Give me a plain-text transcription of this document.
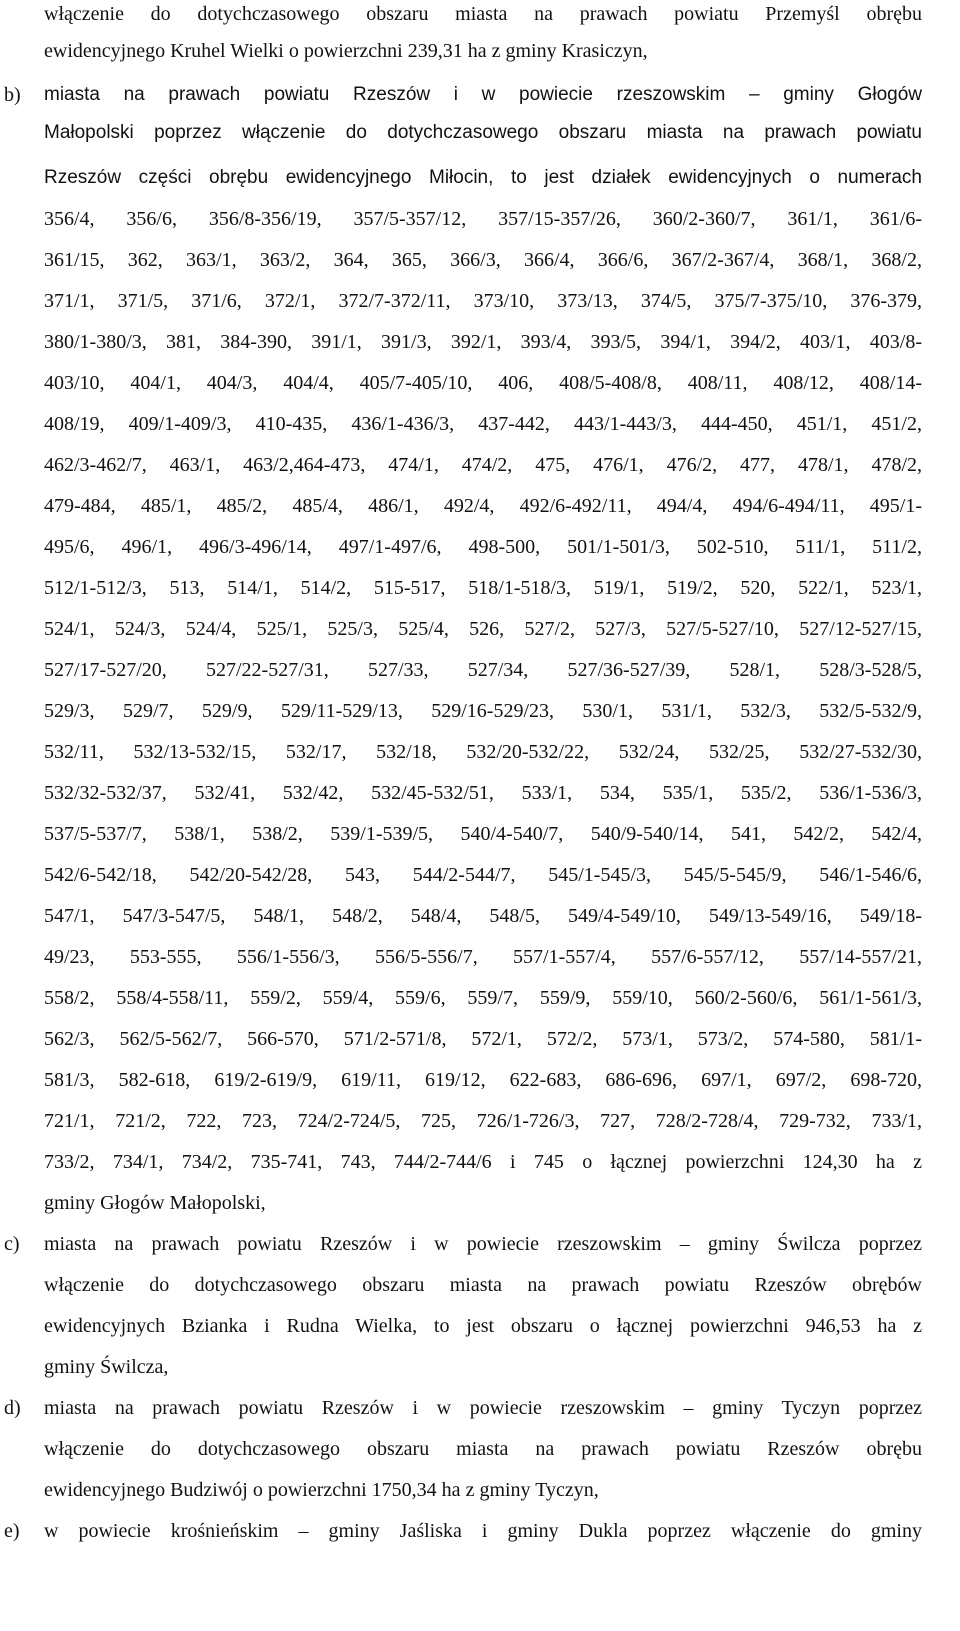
włączenie do dotychczasowego obszaru miasta na prawach powiatu Przemyśl obrębu
ewidencyjnego Kruhel Wielki o powierzchni 239,31 ha z gminy Krasiczyn,
b)	miasta na prawach powiatu Rzeszów i w powiecie rzeszowskim – gminy Głogów
Małopolski poprzez włączenie do dotychczasowego obszaru miasta na prawach powiatu
Rzeszów części obrębu ewidencyjnego Miłocin, to jest działek ewidencyjnych o numerach
356/4, 356/6, 356/8-356/19, 357/5-357/12, 357/15-357/26, 360/2-360/7, 361/1, 361/6-
361/15, 362, 363/1, 363/2, 364, 365, 366/3, 366/4, 366/6, 367/2-367/4, 368/1, 368/2,
371/1, 371/5, 371/6, 372/1, 372/7-372/11, 373/10, 373/13, 374/5, 375/7-375/10, 376-379,
380/1-380/3, 381, 384-390, 391/1, 391/3, 392/1, 393/4, 393/5, 394/1, 394/2, 403/1, 403/8-
403/10, 404/1, 404/3, 404/4, 405/7-405/10, 406, 408/5-408/8, 408/11, 408/12, 408/14-
408/19, 409/1-409/3, 410-435, 436/1-436/3, 437-442, 443/1-443/3, 444-450, 451/1, 451/2,
462/3-462/7, 463/1, 463/2,464-473, 474/1, 474/2, 475, 476/1, 476/2, 477, 478/1, 478/2,
479-484, 485/1, 485/2, 485/4, 486/1, 492/4, 492/6-492/11, 494/4, 494/6-494/11, 495/1-
495/6, 496/1, 496/3-496/14, 497/1-497/6, 498-500, 501/1-501/3, 502-510, 511/1, 511/2,
512/1-512/3, 513, 514/1, 514/2, 515-517, 518/1-518/3, 519/1, 519/2, 520, 522/1, 523/1,
524/1, 524/3, 524/4, 525/1, 525/3, 525/4, 526, 527/2, 527/3, 527/5-527/10, 527/12-527/15,
527/17-527/20, 527/22-527/31, 527/33, 527/34, 527/36-527/39, 528/1, 528/3-528/5,
529/3, 529/7, 529/9, 529/11-529/13, 529/16-529/23, 530/1, 531/1, 532/3, 532/5-532/9,
532/11, 532/13-532/15, 532/17, 532/18, 532/20-532/22, 532/24, 532/25, 532/27-532/30,
532/32-532/37, 532/41, 532/42, 532/45-532/51, 533/1, 534, 535/1, 535/2, 536/1-536/3,
537/5-537/7, 538/1, 538/2, 539/1-539/5, 540/4-540/7, 540/9-540/14, 541, 542/2, 542/4,
542/6-542/18, 542/20-542/28, 543, 544/2-544/7, 545/1-545/3, 545/5-545/9, 546/1-546/6,
547/1, 547/3-547/5, 548/1, 548/2, 548/4, 548/5, 549/4-549/10, 549/13-549/16, 549/18-
49/23, 553-555, 556/1-556/3, 556/5-556/7, 557/1-557/4, 557/6-557/12, 557/14-557/21,
558/2, 558/4-558/11, 559/2, 559/4, 559/6, 559/7, 559/9, 559/10, 560/2-560/6, 561/1-561/3,
562/3, 562/5-562/7, 566-570, 571/2-571/8, 572/1, 572/2, 573/1, 573/2, 574-580, 581/1-
581/3, 582-618, 619/2-619/9, 619/11, 619/12, 622-683, 686-696, 697/1, 697/2, 698-720,
721/1, 721/2, 722, 723, 724/2-724/5, 725, 726/1-726/3, 727, 728/2-728/4, 729-732, 733/1,
733/2, 734/1, 734/2, 735-741, 743, 744/2-744/6 i 745 o łącznej powierzchni 124,30 ha z
gminy Głogów Małopolski,
c)	miasta na prawach powiatu Rzeszów i w powiecie rzeszowskim – gminy Świlcza poprzez
włączenie do dotychczasowego obszaru miasta na prawach powiatu Rzeszów obrębów
ewidencyjnych Bzianka i Rudna Wielka, to jest obszaru o łącznej powierzchni 946,53 ha z
gminy Świlcza,
d)	miasta na prawach powiatu Rzeszów i w powiecie rzeszowskim – gminy Tyczyn poprzez
włączenie do dotychczasowego obszaru miasta na prawach powiatu Rzeszów obrębu
ewidencyjnego Budziwój o powierzchni 1750,34 ha z gminy Tyczyn,
e)	w powiecie krośnieńskim – gminy Jaśliska i gminy Dukla poprzez włączenie do gminy
